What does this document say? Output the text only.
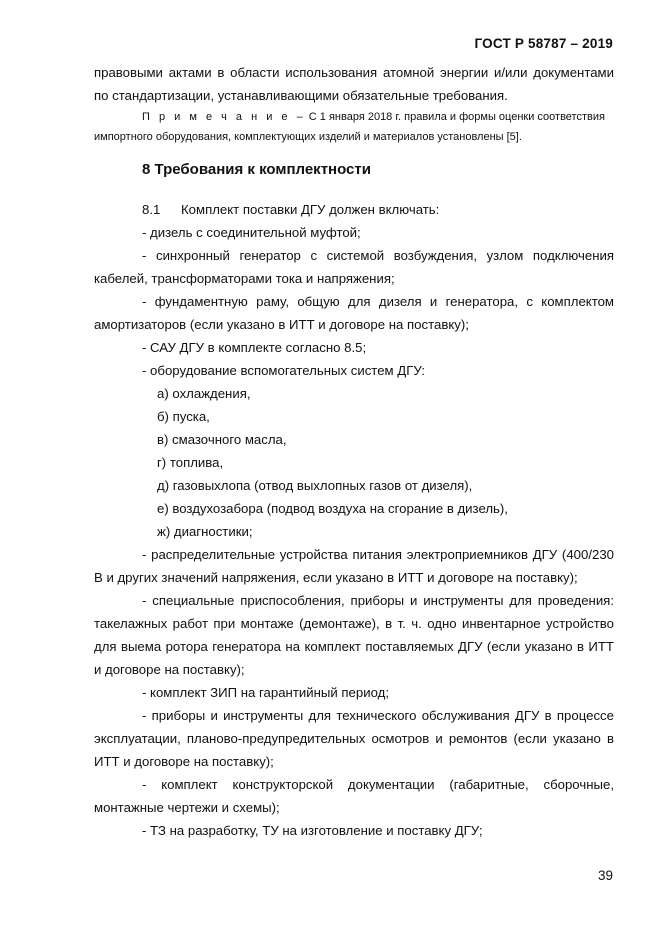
ГОСТ Р 58787 – 2019
правовыми актами в области использования атомной энергии и/или документами
по стандартизации, устанавливающими обязательные требования.
П р и м е ч а н и е – С 1 января 2018 г. правила и формы оценки соответствия
импортного оборудования, комплектующих изделий и материалов установлены [5].
8 Требования к комплектности
8.1 Комплект поставки ДГУ должен включать:
- дизель с соединительной муфтой;
- синхронный генератор с системой возбуждения, узлом подключения
кабелей, трансформаторами тока и напряжения;
- фундаментную раму, общую для дизеля и генератора, с комплектом
амортизаторов (если указано в ИТТ и договоре на поставку);
- САУ ДГУ в комплекте согласно 8.5;
- оборудование вспомогательных систем ДГУ:
а) охлаждения,
б) пуска,
в) смазочного масла,
г) топлива,
д) газовыхлопа (отвод выхлопных газов от дизеля),
е) воздухозабора (подвод воздуха на сгорание в дизель),
ж) диагностики;
- распределительные устройства питания электроприемников ДГУ (400/230
В и других значений напряжения, если указано в ИТТ и договоре на поставку);
- специальные приспособления, приборы и инструменты для проведения:
такелажных работ при монтаже (демонтаже), в т. ч. одно инвентарное устройство
для выема ротора генератора на комплект поставляемых ДГУ (если указано в ИТТ
и договоре на поставку);
- комплект ЗИП на гарантийный период;
- приборы и инструменты для технического обслуживания ДГУ в процессе
эксплуатации, планово-предупредительных осмотров и ремонтов (если указано в
ИТТ и договоре на поставку);
- комплект конструкторской документации (габаритные, сборочные,
монтажные чертежи и схемы);
- ТЗ на разработку, ТУ на изготовление и поставку ДГУ;
39
